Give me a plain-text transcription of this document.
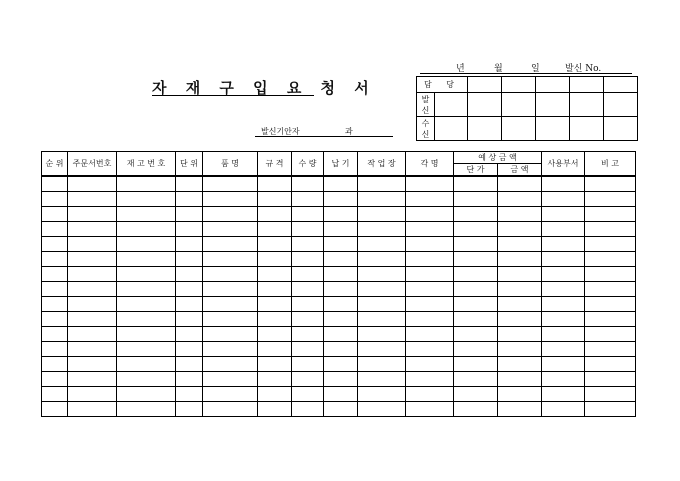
자 재 구 입 요 청 서
년	월	일	발신 No.
담 당						
발 신						
수 신						
발신기안자	과
순 위	주문서번호	재 고 번 호	단 위	품 명	규 격	수 량	납 기	작 업 장	각 명	예 상 금 액		사용부서	비 고
										단 가	금 액		
